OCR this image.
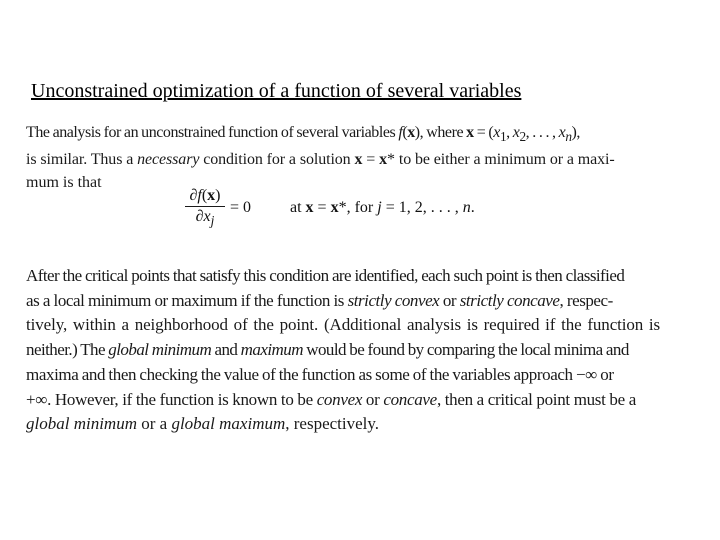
Unconstrained optimization of a function of several variables
The analysis for an unconstrained function of several variables f(x), where $x = (x_1$, $x_2$, . . . , $x_n$),
is similar. Thus a necessary condition for a solution x = x* to be either a minimum or a maxi-
mum is that
$\frac{\partial f(x)}{\partial x_j} = 0$ at x = x*, for j = 1, 2, . . . , n.
After the critical points that satisfy this condition are identified, each such point is then classified
as a local minimum or maximum if the function is strictly convex or strictly concave, respec-
tively, within a neighborhood of the point. (Additional analysis is required if the function is
neither.) The global minimum and maximum would be found by comparing the local minima and
maxima and then checking the value of the function as some of the variables approach −∞ or
+∞. However, if the function is known to be convex or concave, then a critical point must be a
global minimum or a global maximum, respectively.
